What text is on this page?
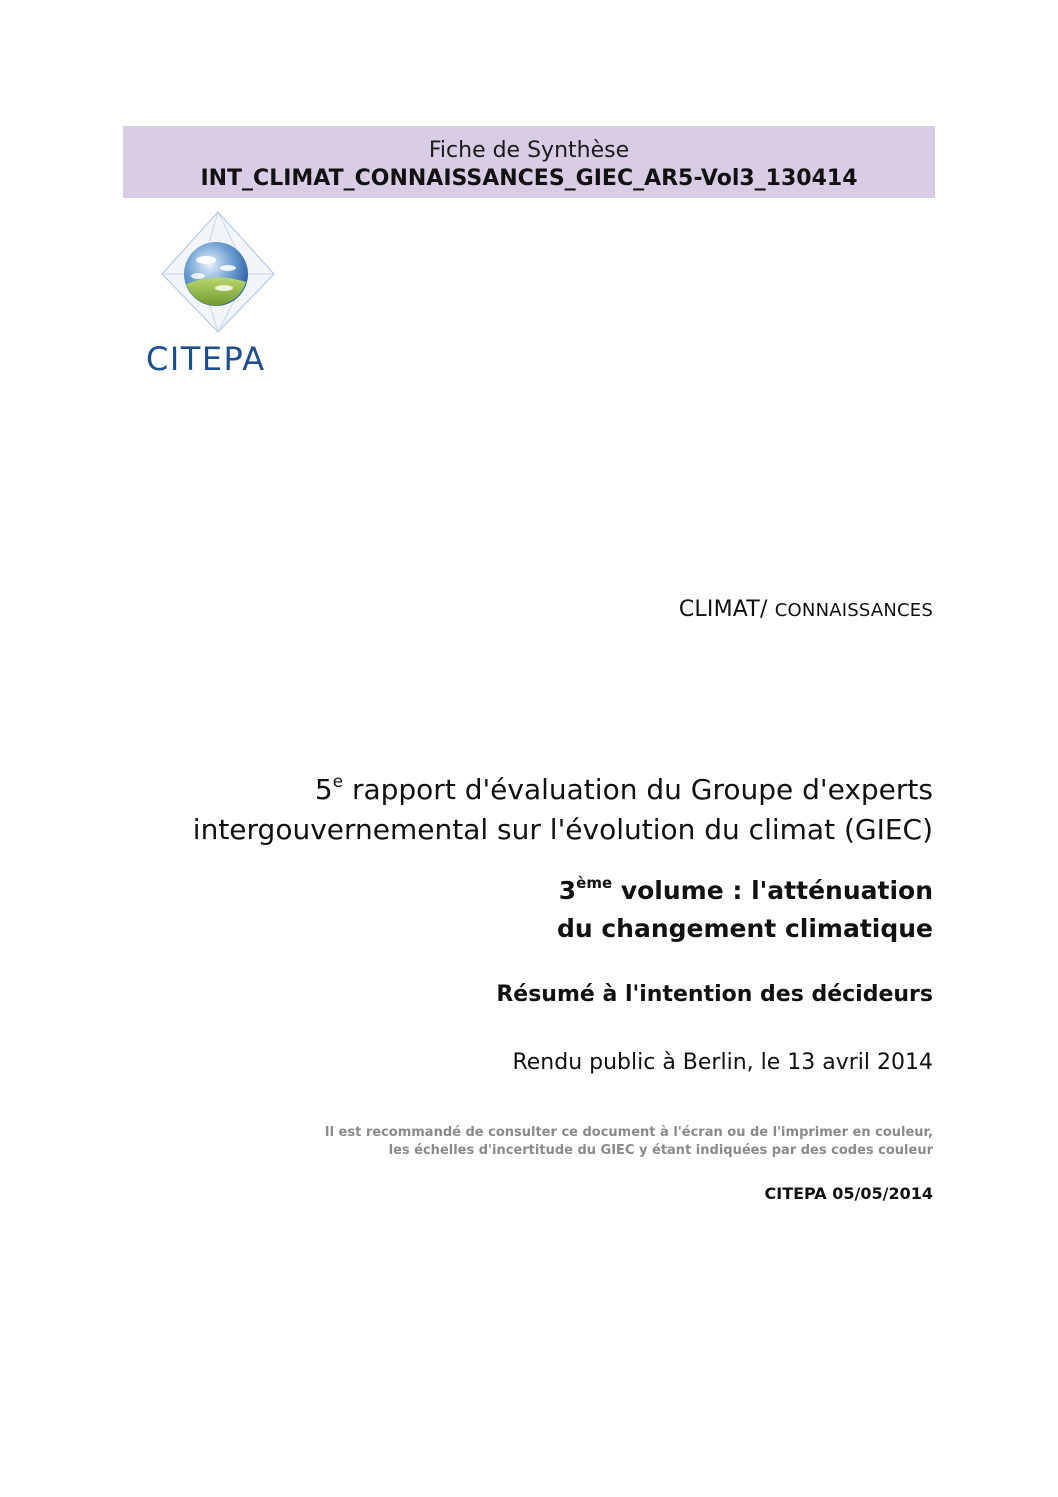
Fiche de Synthèse
INT_CLIMAT_CONNAISSANCES_GIEC_AR5-Vol3_130414
CITEPA
CLIMAT/ CONNAISSANCES
5e rapport d'évaluation du Groupe d'experts
intergouvernemental sur l'évolution du climat (GIEC)
3ème volume : l'atténuation
du changement climatique
Résumé à l'intention des décideurs
Rendu public à Berlin, le 13 avril 2014
Il est recommandé de consulter ce document à l'écran ou de l'imprimer en couleur,
les échelles d'incertitude du GIEC y étant indiquées par des codes couleur
CITEPA 05/05/2014
